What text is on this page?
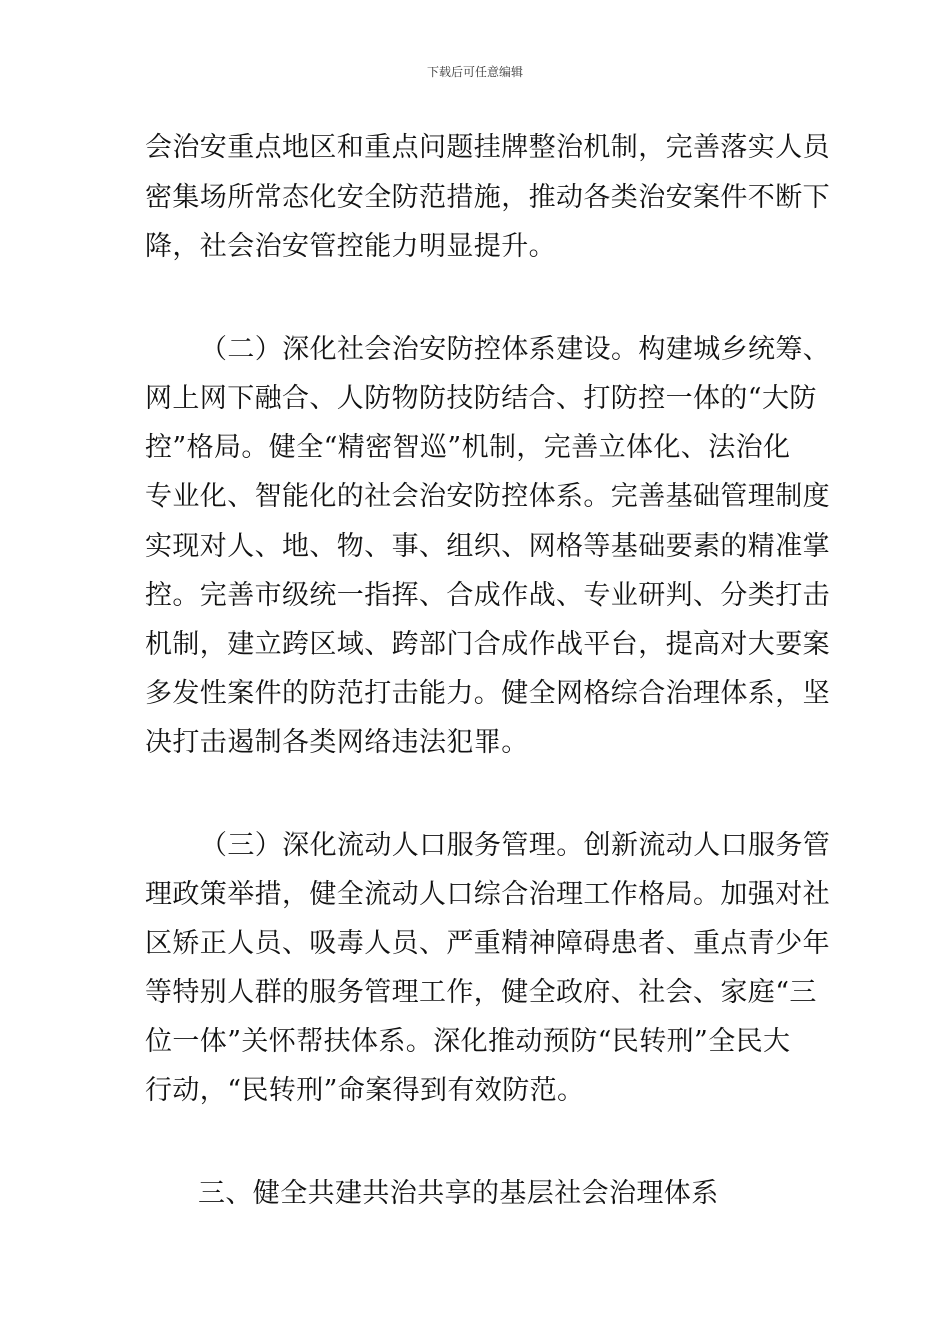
下载后可任意编辑
会治安重点地区和重点问题挂牌整治机制，完善落实人员
密集场所常态化安全防范措施，推动各类治安案件不断下
降，社会治安管控能力明显提升。
（二）深化社会治安防控体系建设。构建城乡统筹、
网上网下融合、人防物防技防结合、打防控一体的“大防
控”格局。健全“精密智巡”机制，完善立体化、法治化
专业化、智能化的社会治安防控体系。完善基础管理制度
实现对人、地、物、事、组织、网格等基础要素的精准掌
控。完善市级统一指挥、合成作战、专业研判、分类打击
机制，建立跨区域、跨部门合成作战平台，提高对大要案
多发性案件的防范打击能力。健全网格综合治理体系，坚
决打击遏制各类网络违法犯罪。
（三）深化流动人口服务管理。创新流动人口服务管
理政策举措，健全流动人口综合治理工作格局。加强对社
区矫正人员、吸毒人员、严重精神障碍患者、重点青少年
等特别人群的服务管理工作，健全政府、社会、家庭“三
位一体”关怀帮扶体系。深化推动预防“民转刑”全民大
行动，“民转刑”命案得到有效防范。
三、健全共建共治共享的基层社会治理体系
